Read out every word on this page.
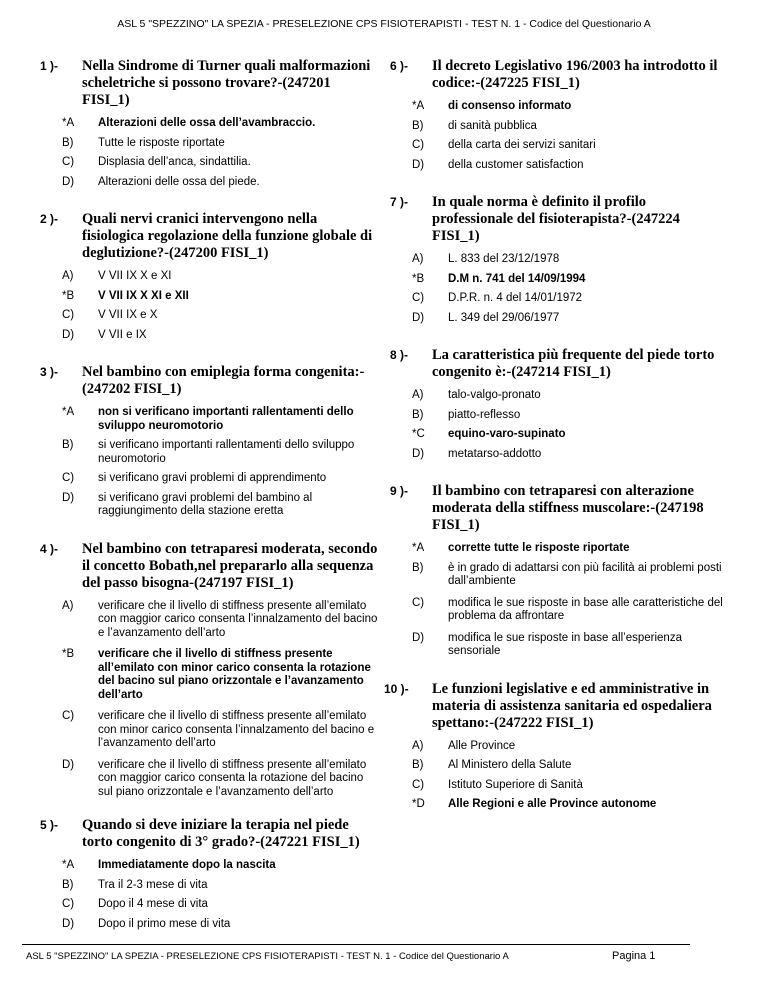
ASL 5 "SPEZZINO" LA SPEZIA - PRESELEZIONE CPS FISIOTERAPISTI - TEST N. 1 - Codice del Questionario A
1 )- Nella Sindrome di Turner quali malformazioni scheletriche si possono trovare?-(247201 FISI_1)
*A Alterazioni delle ossa dell’avambraccio.
B) Tutte le risposte riportate
C) Displasia dell’anca, sindattilia.
D) Alterazioni delle ossa del piede.
2 )- Quali nervi cranici intervengono nella fisiologica regolazione della funzione globale di deglutizione?-(247200 FISI_1)
A) V VII IX X e XI
*B V VII IX X XI e XII
C) V VII IX e X
D) V VII e IX
3 )- Nel bambino con emiplegia forma congenita:-(247202 FISI_1)
*A non si verificano importanti rallentamenti dello sviluppo neuromotorio
B) si verificano importanti rallentamenti dello sviluppo neuromotorio
C) si verificano gravi problemi di apprendimento
D) si verificano gravi problemi del bambino al raggiungimento della stazione eretta
4 )- Nel bambino con tetraparesi moderata, secondo il concetto Bobath,nel prepararlo alla sequenza del passo bisogna-(247197 FISI_1)
A) verificare che il livello di stiffness presente all’emilato con maggior carico consenta l’innalzamento del bacino e l’avanzamento dell’arto
*B verificare che il livello di stiffness presente all’emilato con minor carico consenta la rotazione del bacino sul piano orizzontale e l’avanzamento dell’arto
C) verificare che il livello di stiffness presente all’emilato con minor carico consenta l’innalzamento del bacino e l’avanzamento dell’arto
D) verificare che il livello di stiffness presente all’emilato con maggior carico consenta la rotazione del bacino sul piano orizzontale e l’avanzamento dell’arto
5 )- Quando si deve iniziare la terapia nel piede torto congenito di 3° grado?-(247221 FISI_1)
*A Immediatamente dopo la nascita
B) Tra il 2-3 mese di vita
C) Dopo il 4 mese di vita
D) Dopo il primo mese di vita
6 )- Il decreto Legislativo 196/2003 ha introdotto il codice:-(247225 FISI_1)
*A di consenso informato
B) di sanità pubblica
C) della carta dei servizi sanitari
D) della customer satisfaction
7 )- In quale norma è definito il profilo professionale del fisioterapista?-(247224 FISI_1)
A) L. 833 del 23/12/1978
*B D.M n. 741 del 14/09/1994
C) D.P.R. n. 4 del 14/01/1972
D) L. 349 del 29/06/1977
8 )- La caratteristica più frequente del piede torto congenito è:-(247214 FISI_1)
A) talo-valgo-pronato
B) piatto-reflesso
*C equino-varo-supinato
D) metatarso-addotto
9 )- Il bambino con tetraparesi con alterazione moderata della stiffness muscolare:-(247198 FISI_1)
*A corrette tutte le risposte riportate
B) è in grado di adattarsi con più facilità ai problemi posti dall’ambiente
C) modifica le sue risposte in base alle caratteristiche del problema da affrontare
D) modifica le sue risposte in base all’esperienza sensoriale
10 )- Le funzioni legislative e ed amministrative in materia di assistenza sanitaria ed ospedaliera spettano:-(247222 FISI_1)
A) Alle Province
B) Al Ministero della Salute
C) Istituto Superiore di Sanità
*D Alle Regioni e alle Province autonome
ASL 5 "SPEZZINO" LA SPEZIA - PRESELEZIONE CPS FISIOTERAPISTI - TEST N. 1 - Codice del Questionario A	Pagina 1
